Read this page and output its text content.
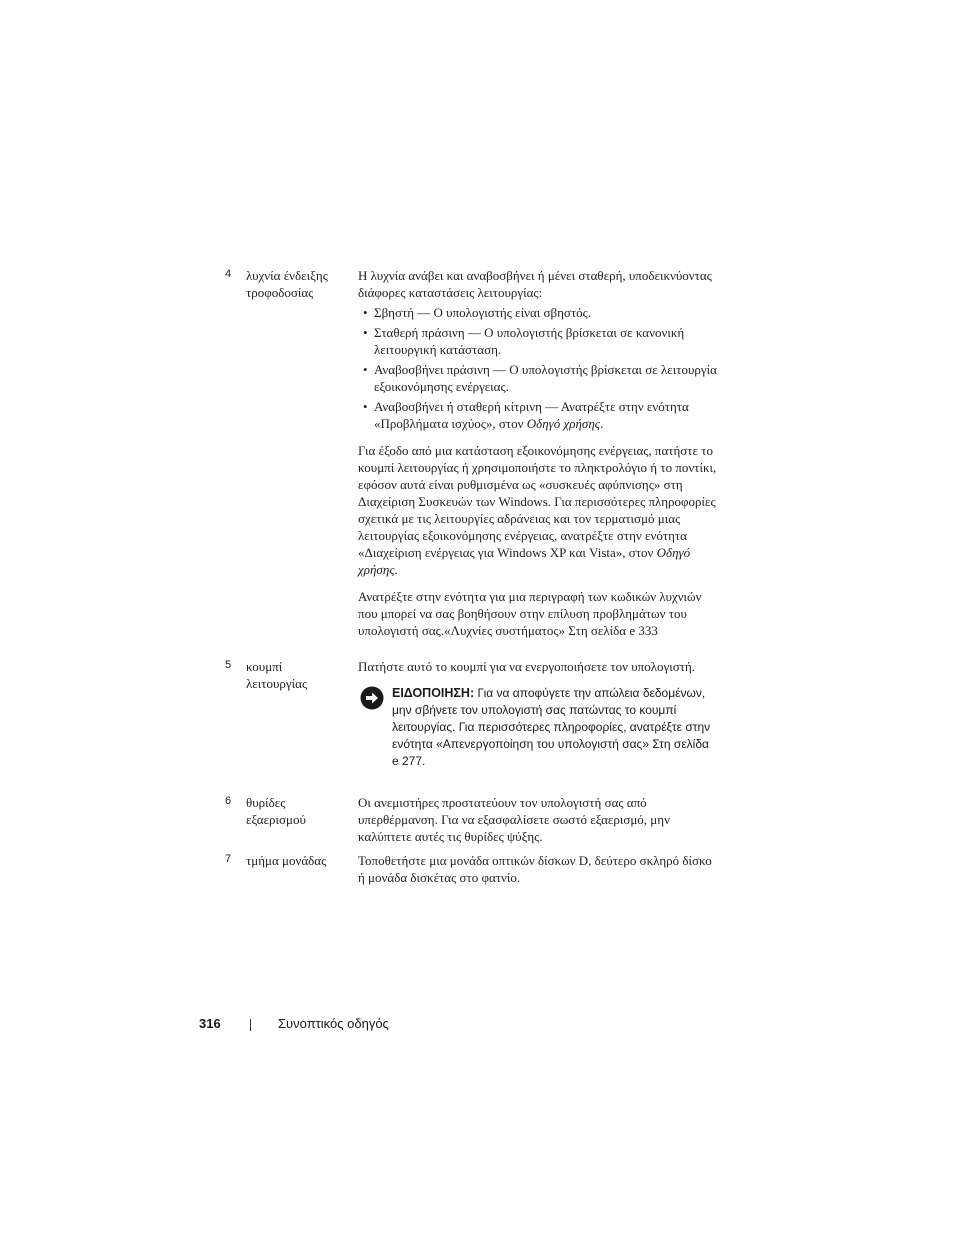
4 λυχνία ένδειξης
τροφοδοσίας

Η λυχνία ανάβει και αναβοσβήνει ή μένει σταθερή, υποδεικνύοντας διάφορες καταστάσεις λειτουργίας:

• Σβηστή — Ο υπολογιστής είναι σβηστός.
• Σταθερή πράσινη — Ο υπολογιστής βρίσκεται σε κανονική λειτουργική κατάσταση.
• Αναβοσβήνει πράσινη — Ο υπολογιστής βρίσκεται σε λειτουργία εξοικονόμησης ενέργειας.
• Αναβοσβήνει ή σταθερή κίτρινη — Ανατρέξτε στην ενότητα «Προβλήματα ισχύος», στον Οδηγό χρήσης.

Για έξοδο από μια κατάσταση εξοικονόμησης ενέργειας, πατήστε το κουμπί λειτουργίας ή χρησιμοποιήστε το πληκτρολόγιο ή το ποντίκι, εφόσον αυτά είναι ρυθμισμένα ως «συσκευές αφύπνισης» στη Διαχείριση Συσκευών των Windows. Για περισσότερες πληροφορίες σχετικά με τις λειτουργίες αδράνειας και τον τερματισμό μιας λειτουργίας εξοικονόμησης ενέργειας, ανατρέξτε στην ενότητα «Διαχείριση ενέργειας για Windows XP και Vista», στον Οδηγό χρήσης.

Ανατρέξτε στην ενότητα για μια περιγραφή των κωδικών λυχνιών που μπορεί να σας βοηθήσουν στην επίλυση προβλημάτων του υπολογιστή σας.«Λυχνίες συστήματος» Στη σελίδα e 333

5 κουμπί
λειτουργίας

Πατήστε αυτό το κουμπί για να ενεργοποιήσετε τον υπολογιστή.

ΕΙΔΟΠΟΙΗΣΗ: Για να αποφύγετε την απώλεια δεδομένων, μην σβήνετε τον υπολογιστή σας πατώντας το κουμπί λειτουργίας. Για περισσότερες πληροφορίες, ανατρέξτε στην ενότητα «Απενεργοποίηση του υπολογιστή σας» Στη σελίδα e 277.
6 θυρίδες
εξαερισμού

Οι ανεμιστήρες προστατεύουν τον υπολογιστή σας από υπερθέρμανση. Για να εξασφαλίσετε σωστό εξαερισμό, μην καλύπτετε αυτές τις θυρίδες ψύξης.

7 τμήμα μονάδας	Τοποθετήστε μια μονάδα οπτικών δίσκων D, δεύτερο σκληρό δίσκο ή μονάδα δισκέτας στο φατνίο.

316	Συνοπτικός οδηγός
